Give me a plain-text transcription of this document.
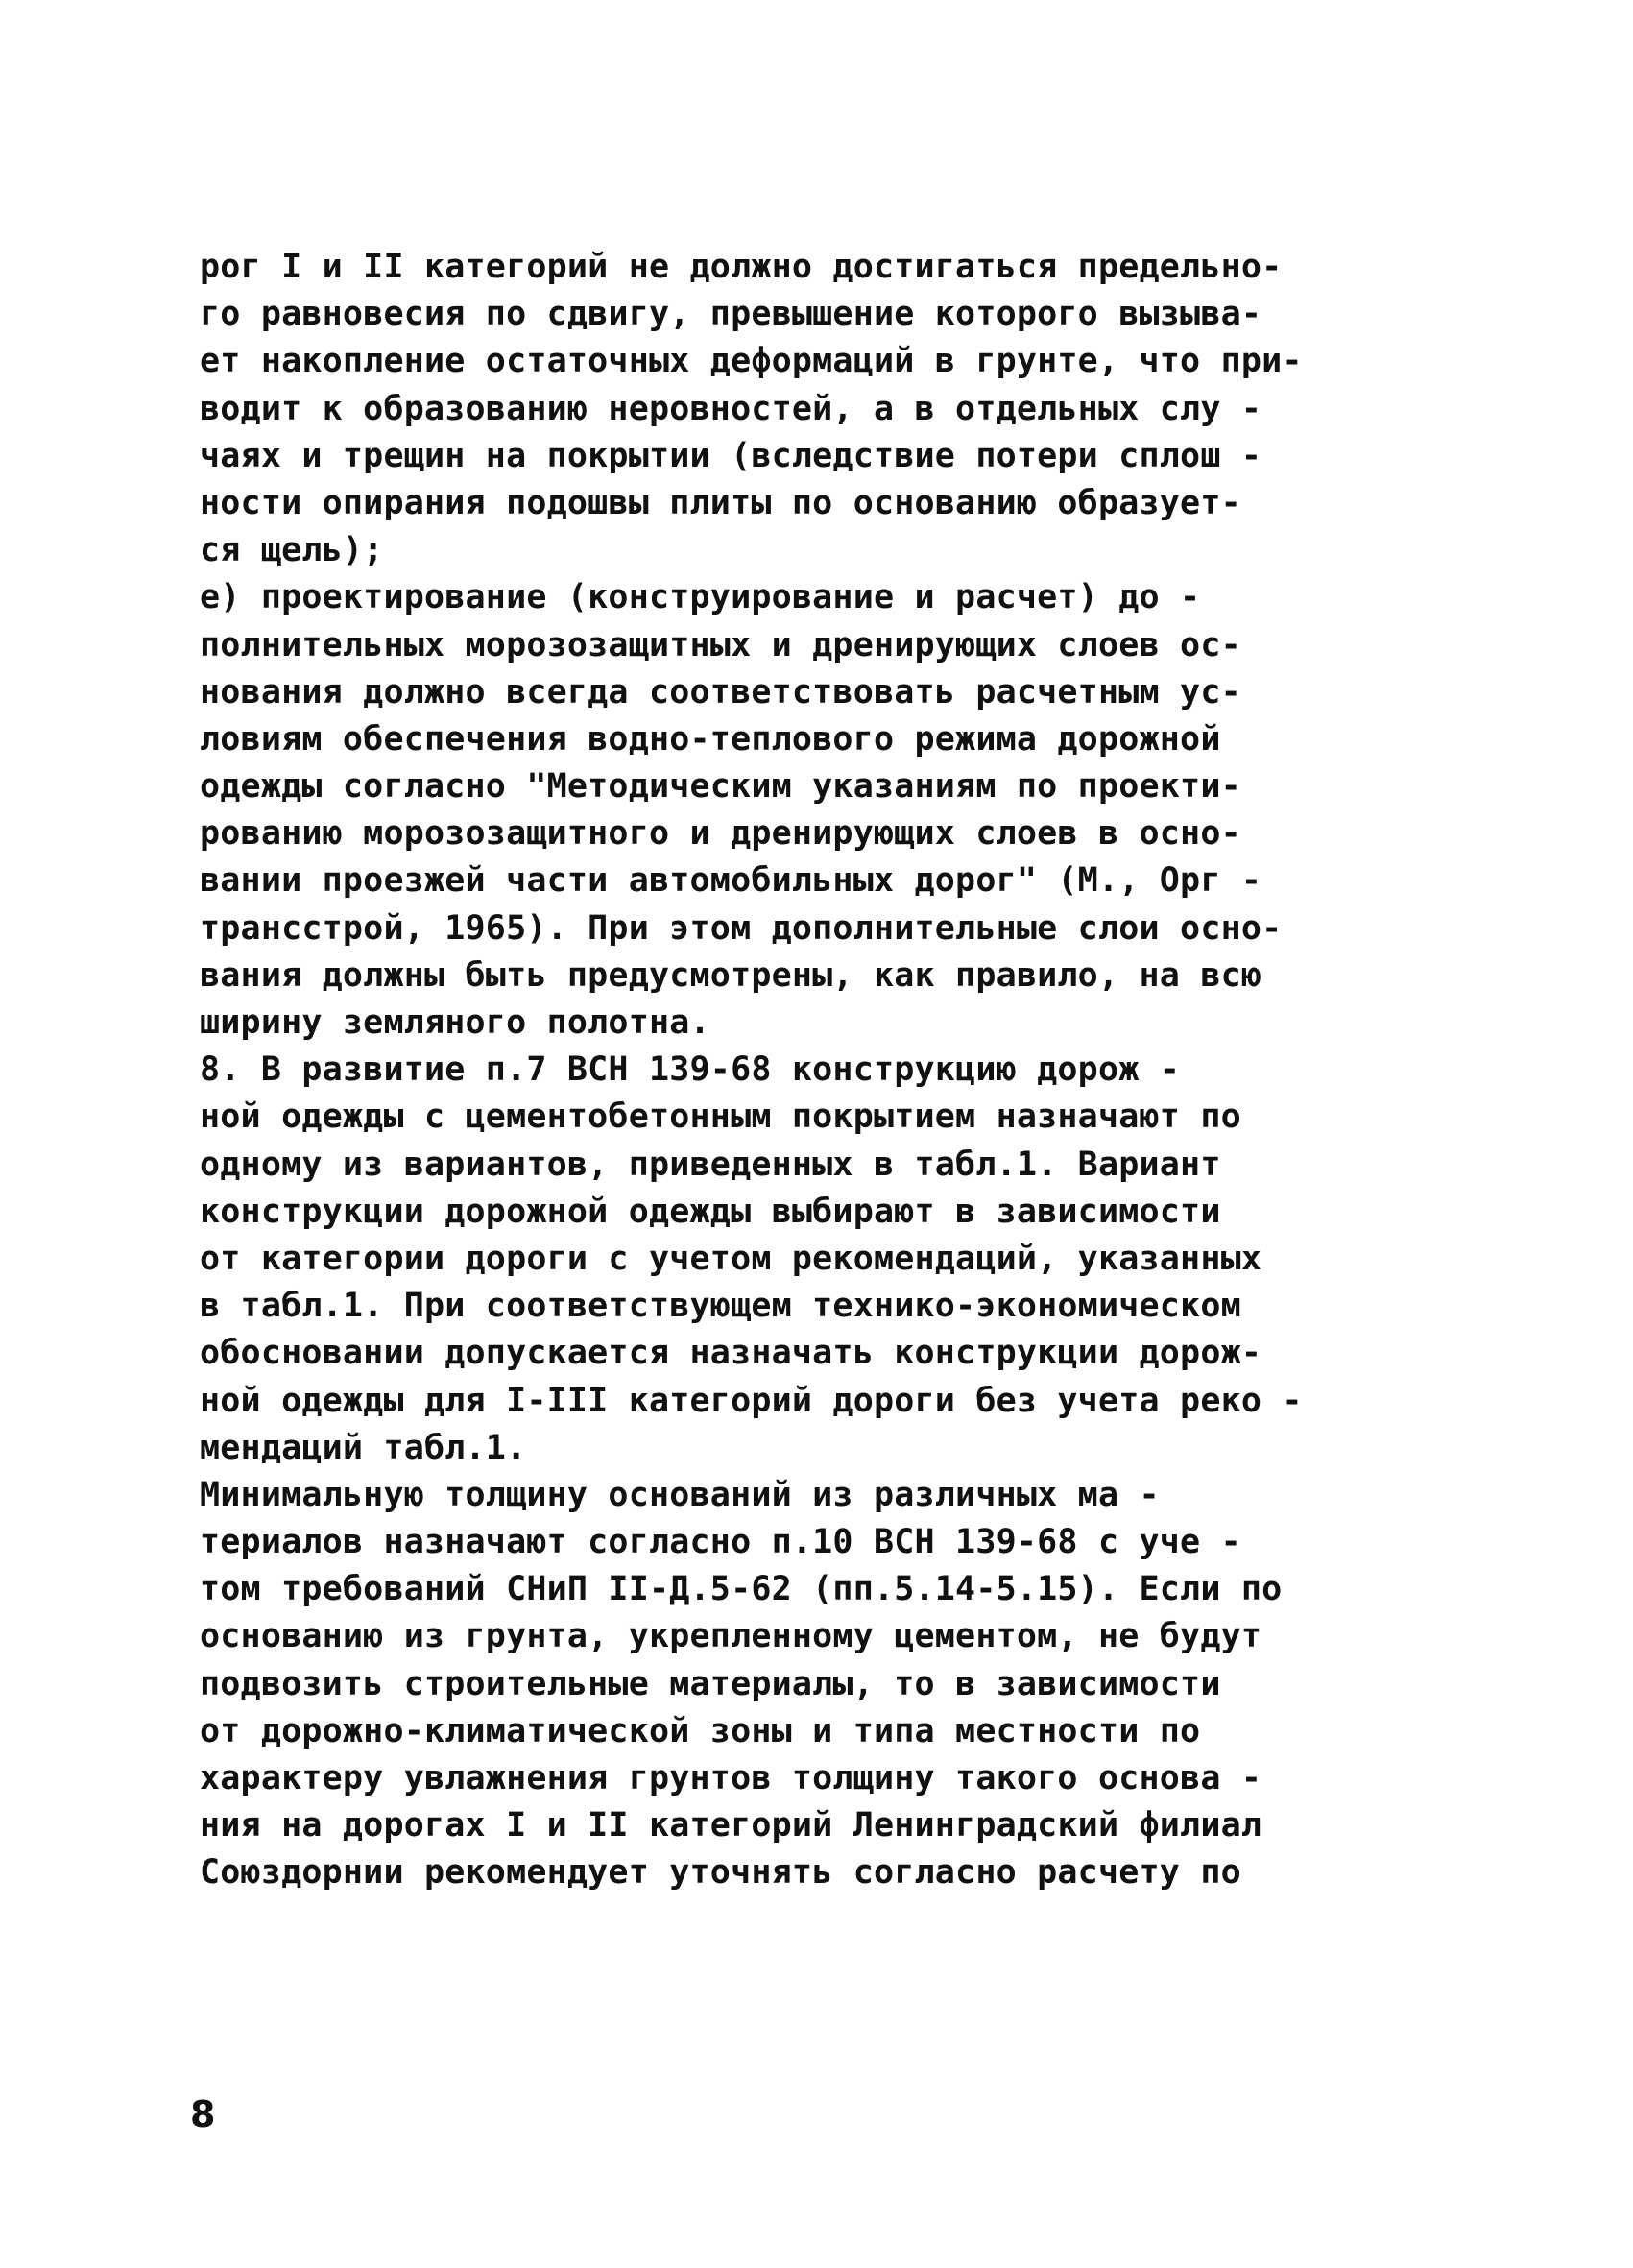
рог I и II категорий не должно достигаться предельно-
го равновесия по сдвигу, превышение которого вызыва-
ет накопление остаточных деформаций в грунте, что при-
водит к образованию неровностей, а в отдельных слу -
чаях и трещин на покрытии (вследствие потери сплош -
ности опирания подошвы плиты по основанию образует-
ся щель);
е) проектирование (конструирование и расчет) до -
полнительных морозозащитных и дренирующих слоев ос-
нования должно всегда соответствовать расчетным ус-
ловиям обеспечения водно-теплового режима дорожной
одежды согласно "Методическим указаниям по проекти-
рованию морозозащитного и дренирующих слоев в осно-
вании проезжей части автомобильных дорог" (М., Орг -
трансстрой, 1965). При этом дополнительные слои осно-
вания должны быть предусмотрены, как правило, на всю
ширину земляного полотна.
8. В развитие п.7 ВСН 139-68 конструкцию дорож -
ной одежды с цементобетонным покрытием назначают по
одному из вариантов, приведенных в табл.1. Вариант
конструкции дорожной одежды выбирают в зависимости
от категории дороги с учетом рекомендаций, указанных
в табл.1. При соответствующем технико-экономическом
обосновании допускается назначать конструкции дорож-
ной одежды для I-III категорий дороги без учета реко -
мендаций табл.1.
Минимальную толщину оснований из различных ма -
териалов назначают согласно п.10 ВСН 139-68 с уче -
том требований СНиП II-Д.5-62 (пп.5.14-5.15). Если по
основанию из грунта, укрепленному цементом, не будут
подвозить строительные материалы, то в зависимости
от дорожно-климатической зоны и типа местности по
характеру увлажнения грунтов толщину такого основа -
ния на дорогах I и II категорий Ленинградский филиал
Союздорнии рекомендует уточнять согласно расчету по
8
